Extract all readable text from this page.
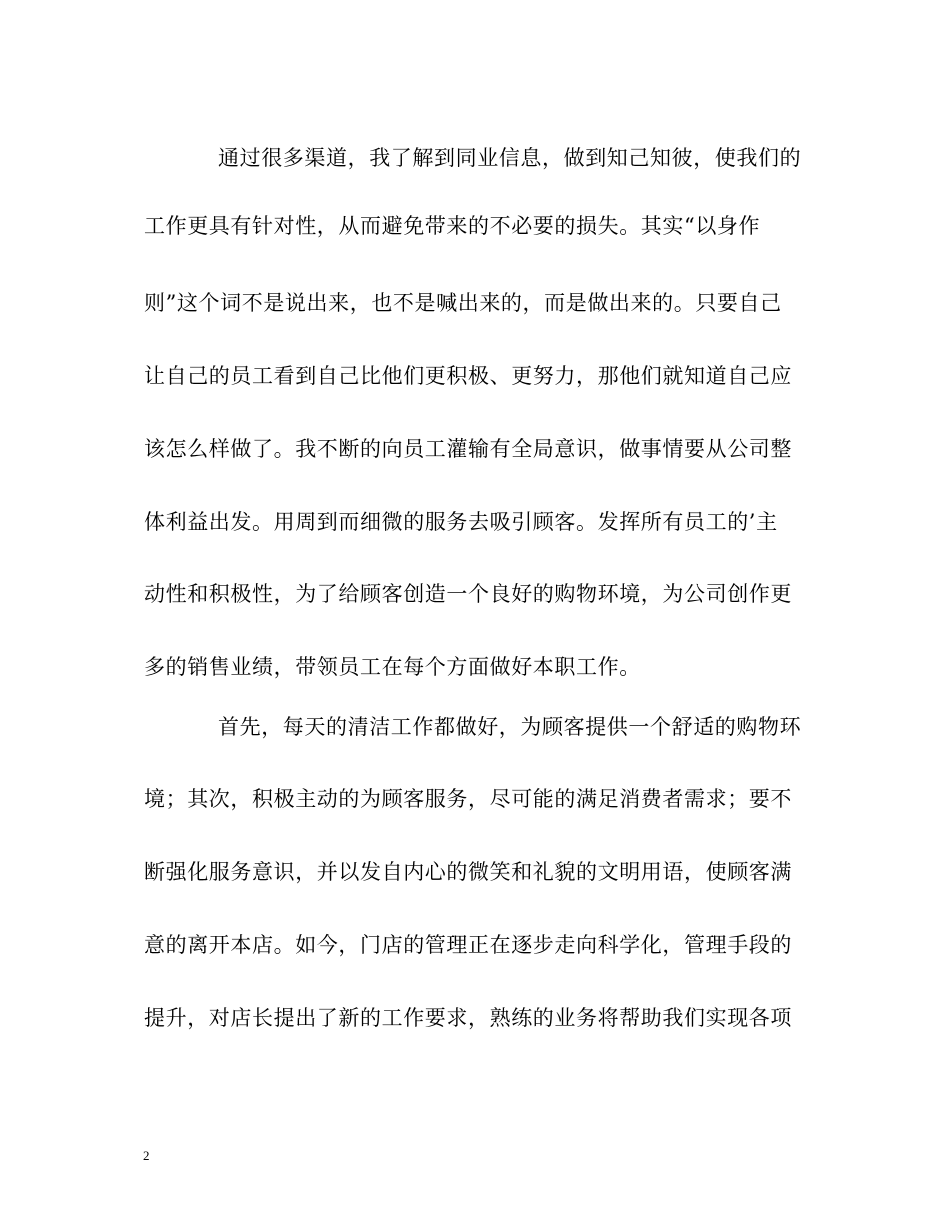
通过很多渠道，我了解到同业信息，做到知己知彼，使我们的
工作更具有针对性，从而避免带来的不必要的损失。其实“以身作
则”这个词不是说出来，也不是喊出来的，而是做出来的。只要自己
让自己的员工看到自己比他们更积极、更努力，那他们就知道自己应
该怎么样做了。我不断的向员工灌输有全局意识，做事情要从公司整
体利益出发。用周到而细微的服务去吸引顾客。发挥所有员工的’主
动性和积极性，为了给顾客创造一个良好的购物环境，为公司创作更
多的销售业绩，带领员工在每个方面做好本职工作。
首先，每天的清洁工作都做好，为顾客提供一个舒适的购物环
境；其次，积极主动的为顾客服务，尽可能的满足消费者需求；要不
断强化服务意识，并以发自内心的微笑和礼貌的文明用语，使顾客满
意的离开本店。如今，门店的管理正在逐步走向科学化，管理手段的
提升，对店长提出了新的工作要求，熟练的业务将帮助我们实现各项
2
